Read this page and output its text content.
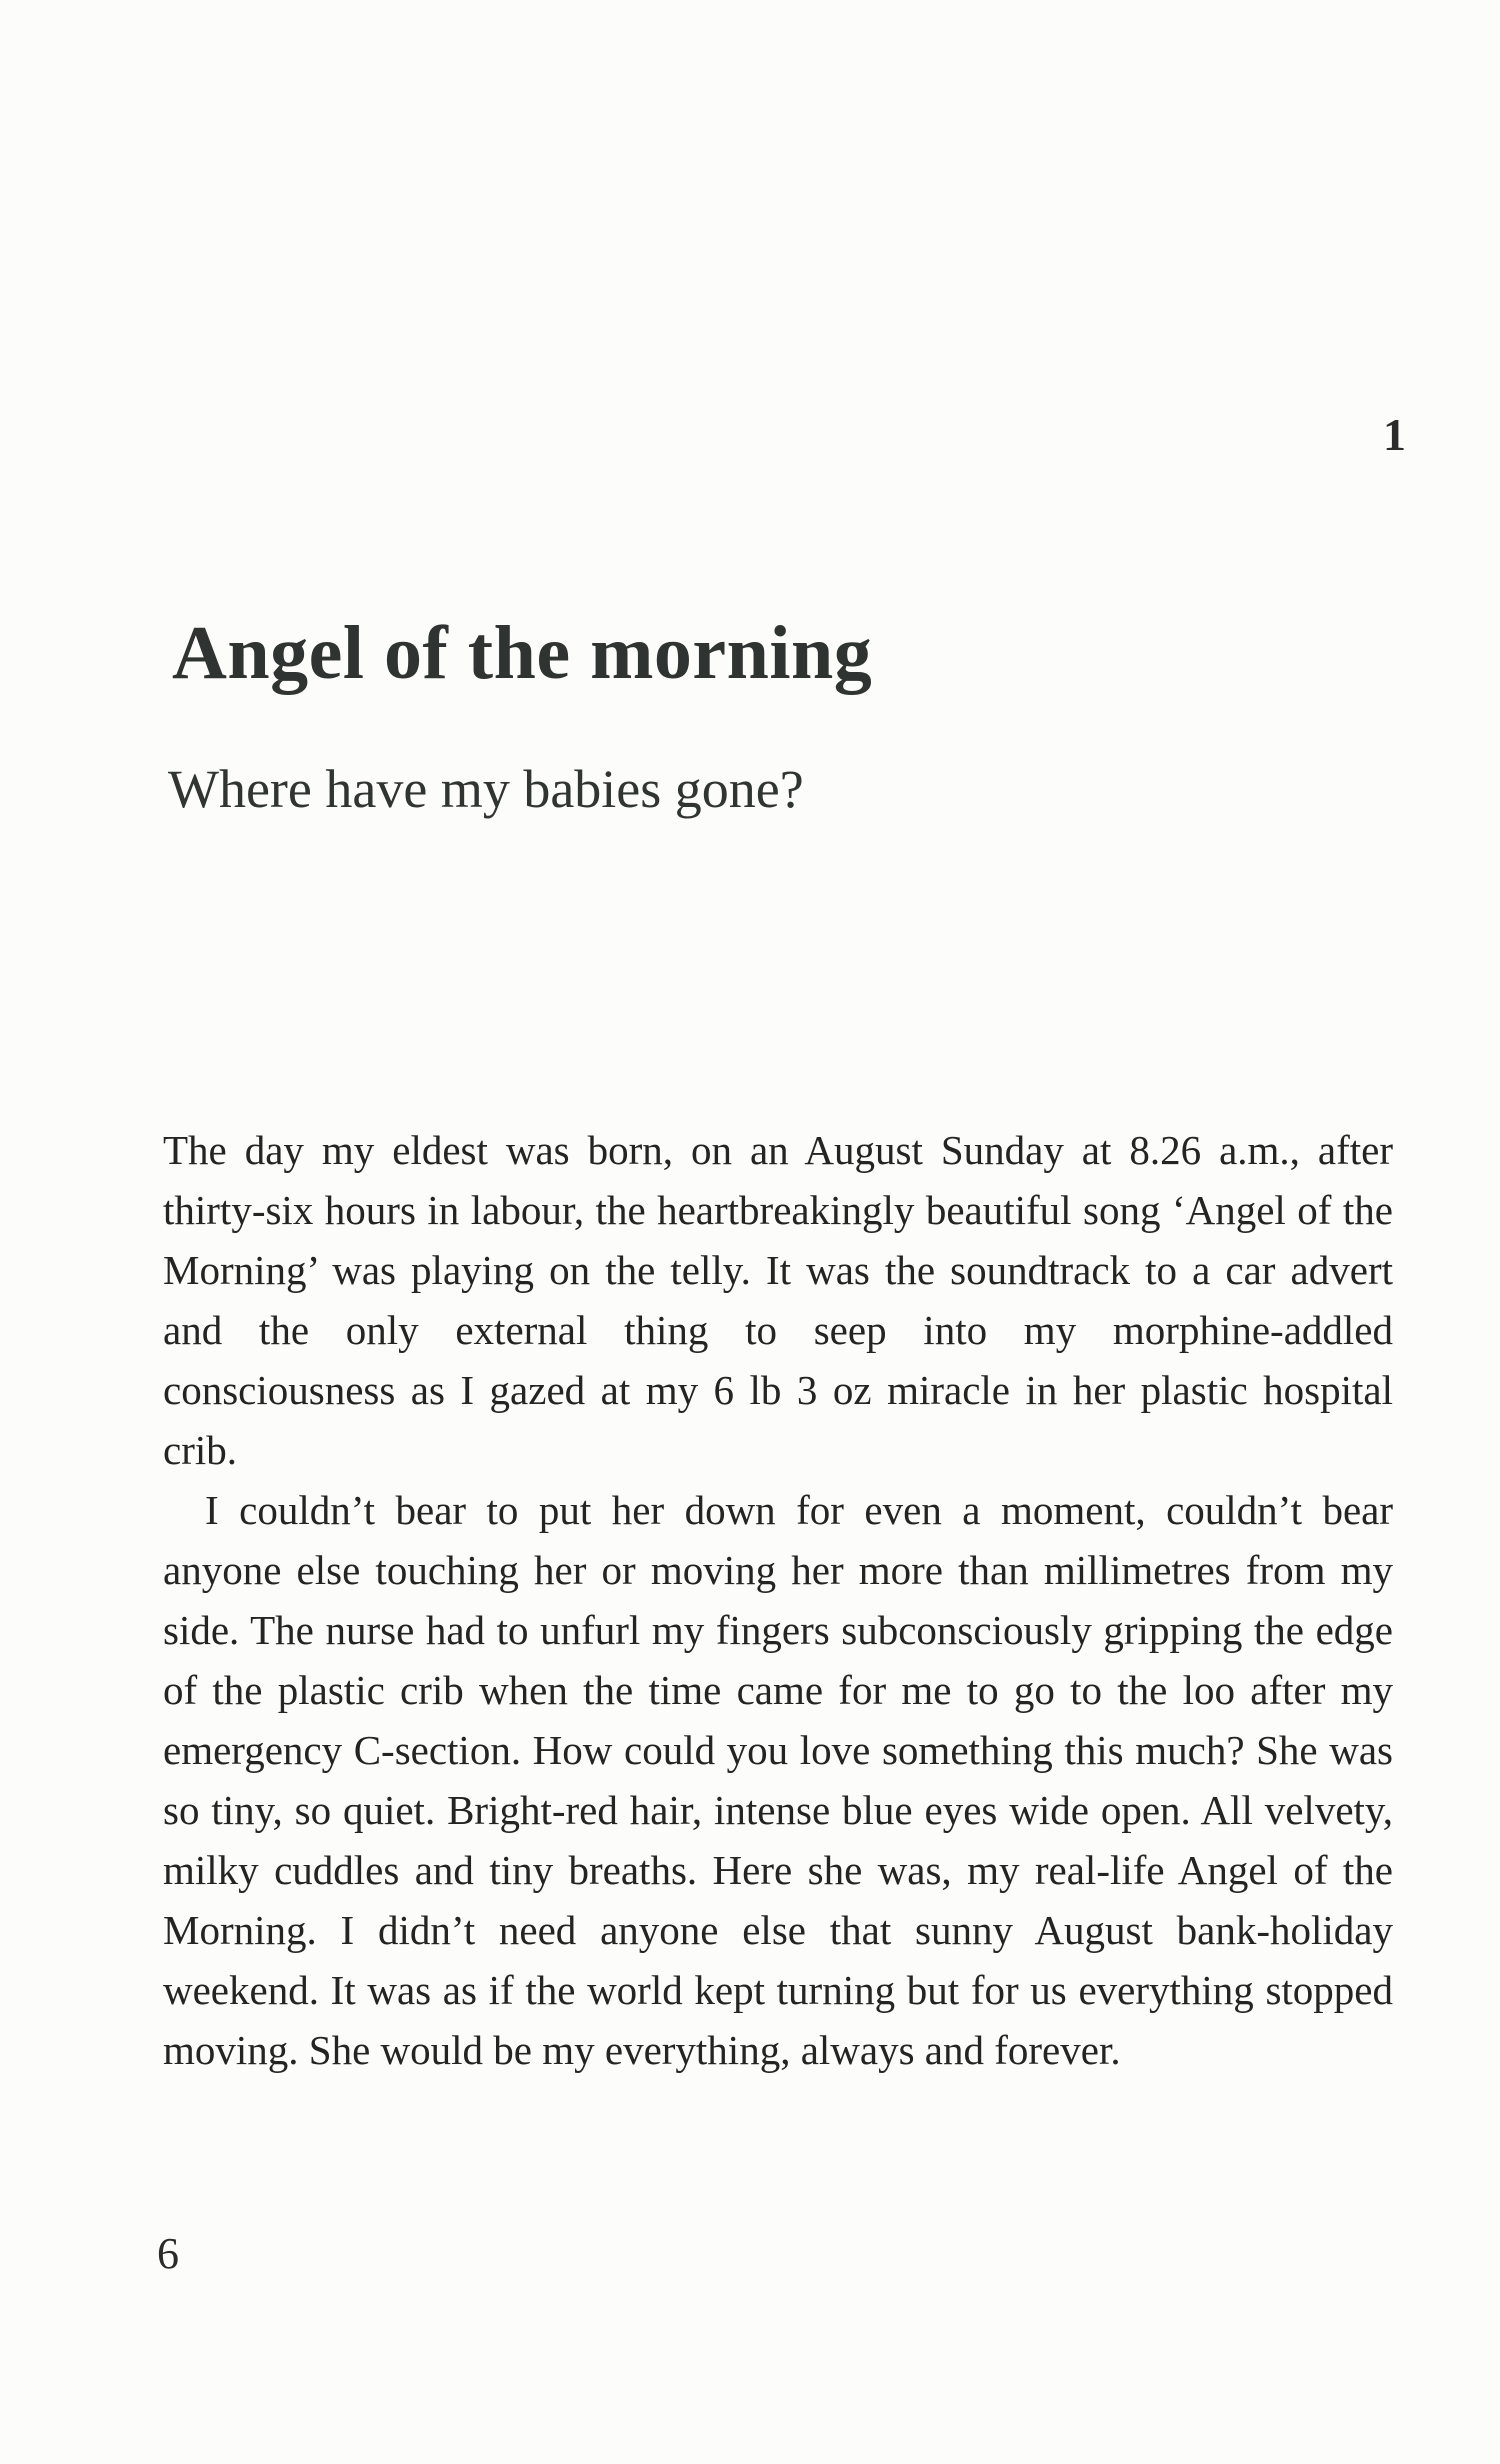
1
Angel of the morning
Where have my babies gone?

The day my eldest was born, on an August Sunday at 8.26 a.m., after thirty-six hours in labour, the heartbreakingly beautiful song ‘Angel of the Morning’ was playing on the telly. It was the soundtrack to a car advert and the only external thing to seep into my morphine-addled consciousness as I gazed at my 6 lb 3 oz miracle in her plastic hospital crib.

I couldn’t bear to put her down for even a moment, couldn’t bear anyone else touching her or moving her more than millimetres from my side. The nurse had to unfurl my fingers subconsciously gripping the edge of the plastic crib when the time came for me to go to the loo after my emergency C-section. How could you love something this much? She was so tiny, so quiet. Bright-red hair, intense blue eyes wide open. All velvety, milky cuddles and tiny breaths. Here she was, my real-life Angel of the Morning. I didn’t need anyone else that sunny August bank-holiday weekend. It was as if the world kept turning but for us everything stopped moving. She would be my everything, always and forever.

6
